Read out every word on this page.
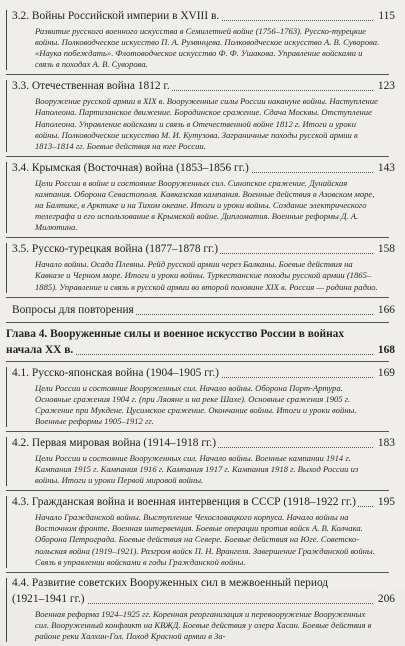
3.2. Войны Российской империи в XVIII в.	115
Развитие русского военного искусства в Семилетней войне (1756–1763). Русско-турецкие войны. Полководческое искусство П. А. Румянцева. Полководческое искусство А. В. Суворова. «Наука побеждать». Флотоводческое искусство Ф. Ф. Ушакова. Управление войсками и связь в походах А. В. Суворова.
3.3. Отечественная война 1812 г.	123
Вооружение русской армии в XIX в. Вооруженные силы России накануне войны. Наступление Наполеона. Партизанское движение. Бородинское сражение. Сдача Москвы. Отступление Наполеона. Управление войсками и связь в Отечественной войне 1812 г. Итоги и уроки войны. Полководческое искусство М. И. Кутузова. Заграничные походы русской армии в 1813–1814 гг. Боевые действия на юге России.
3.4. Крымская (Восточная) война (1853–1856 гг.)	143
Цели России в войне и состояние Вооруженных сил. Синопское сражение. Дунайская кампания. Оборона Севастополя. Кавказская кампания. Военные действия в Азовском море, на Балтике, в Арктике и на Тихом океане. Итоги и уроки войны. Создание электрического телеграфа и его использование в Крымской войне. Дипломатия. Военные реформы Д. А. Милютина.
3.5. Русско-турецкая война (1877–1878 гг.)	158
Начало войны. Осада Плевны. Рейд русской армии через Балканы. Боевые действия на Кавказе и Черном море. Итоги и уроки войны. Туркестанские походы русской армии (1865–1885). Управление и связь в русской армии во второй половине XIX в. Россия — родина радио.
Вопросы для повторения	166
Глава 4. Вооруженные силы и военное искусство России в войнах
начала XX в.	168
4.1. Русско-японская война (1904–1905 гг.)	169
Цели России и состояние Вооруженных сил. Начало войны. Оборона Порт-Артура. Основные сражения 1904 г. (при Ляояне и на реке Шахе). Основные сражения 1905 г. Сражение при Мукдене. Цусимское сражение. Окончание войны. Итоги и уроки войны. Военные реформы 1905–1912 гг.
4.2. Первая мировая война (1914–1918 гг.)	183
Цели России и состояние Вооруженных сил. Начало войны. Военные кампании 1914 г. Кампания 1915 г. Кампания 1916 г. Кампания 1917 г. Кампания 1918 г. Выход России из войны. Итоги и уроки Первой мировой войны.
4.3. Гражданская война и военная интервенция в СССР (1918–1922 гг.) 195
Начало Гражданской войны. Выступление Чехословацкого корпуса. Начало войны на Восточном фронте. Военная интервенция. Боевые операции против войск А. В. Колчака. Оборона Петрограда. Боевые действия на Севере. Боевые действия на Юге. Советско-польская война (1919–1921). Разгром войск П. Н. Врангеля. Завершение Гражданской войны. Связь в управлении войсками в годы Гражданской войны.
4.4. Развитие советских Вооруженных сил в межвоенный период
(1921–1941 гг.)	206
Военная реформа 1924–1925 гг. Коренная реорганизация и перевооружение Вооруженных сил. Вооруженный конфликт на КВЖД. Боевые действия у озера Хасан. Боевые действия в районе реки Халхин-Гол. Поход Красной армии в За-
